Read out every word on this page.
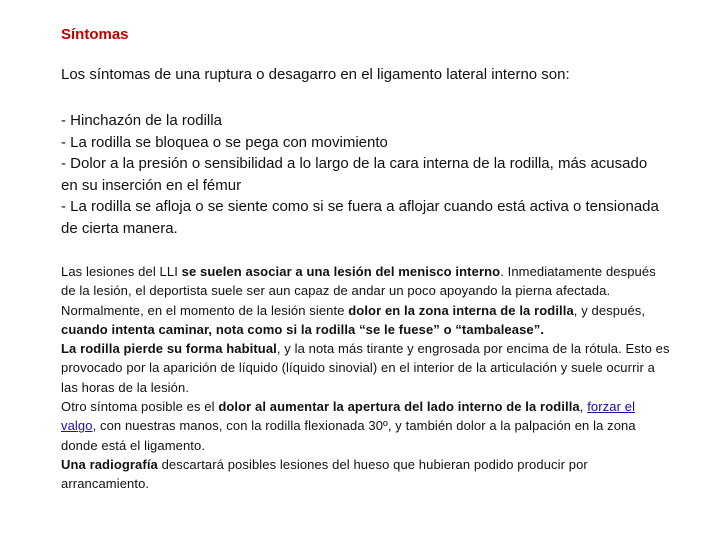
Síntomas
Los síntomas de una ruptura o desagarro en el ligamento lateral interno son:
- Hinchazón de la rodilla
- La rodilla se bloquea o se pega con movimiento
- Dolor a la presión o sensibilidad a lo largo de la cara interna de la rodilla, más acusado en su inserción en el fémur
- La rodilla se afloja o se siente como si se fuera a aflojar cuando está activa o tensionada de cierta manera.

Las lesiones del LLI se suelen asociar a una lesión del menisco interno. Inmediatamente después de la lesión, el deportista suele ser aun capaz de andar un poco apoyando la pierna afectada. Normalmente, en el momento de la lesión siente dolor en la zona interna de la rodilla, y después, cuando intenta caminar, nota como si la rodilla “se le fuese” o “tambalease”.

La rodilla pierde su forma habitual, y la nota más tirante y engrosada por encima de la rótula. Esto es provocado por la aparición de líquido (líquido sinovial) en el interior de la articulación y suele ocurrir a las horas de la lesión.

Otro síntoma posible es el dolor al aumentar la apertura del lado interno de la rodilla, forzar el valgo, con nuestras manos, con la rodilla flexionada 30º, y también dolor a la palpación en la zona donde está el ligamento.

Una radiografía descartará posibles lesiones del hueso que hubieran podido producir por arrancamiento.
